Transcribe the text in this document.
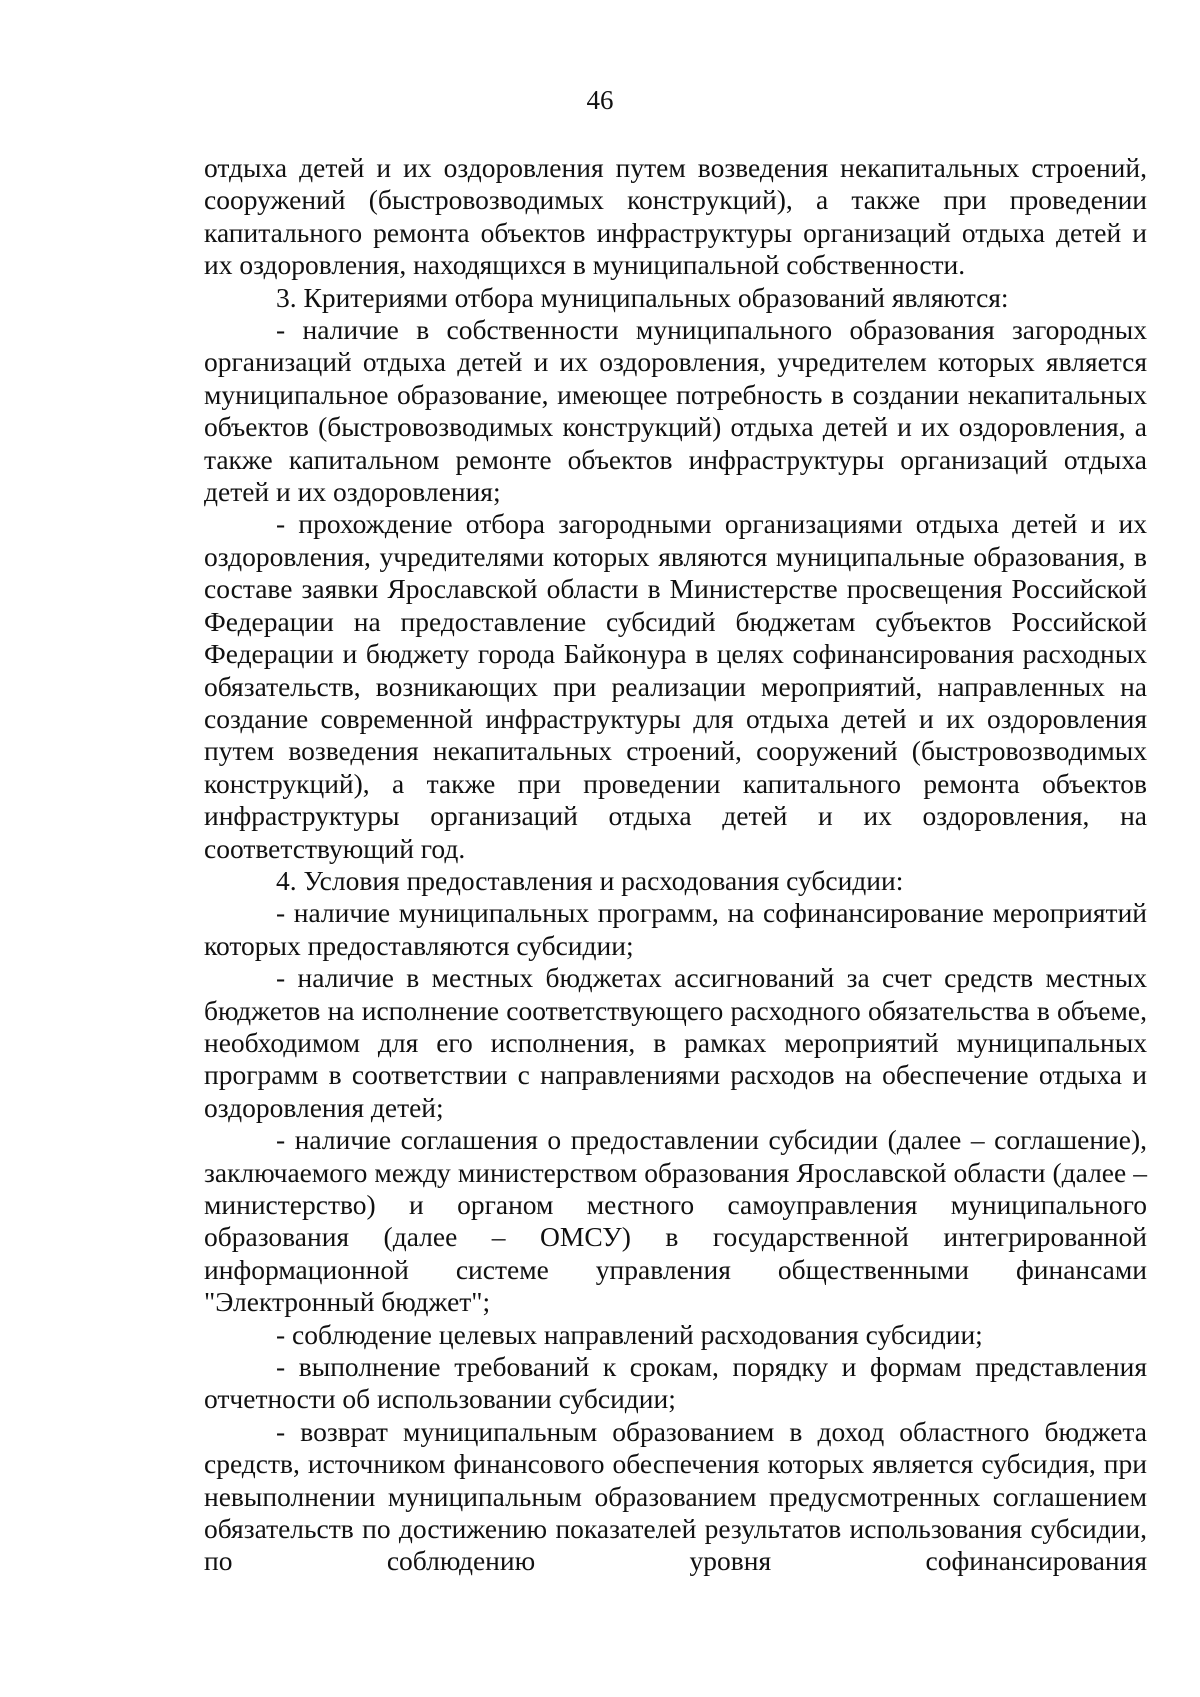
46

отдыха детей и их оздоровления путем возведения некапитальных строений, сооружений (быстровозводимых конструкций), а также при проведении капитального ремонта объектов инфраструктуры организаций отдыха детей и их оздоровления, находящихся в муниципальной собственности.

3. Критериями отбора муниципальных образований являются:

- наличие в собственности муниципального образования загородных организаций отдыха детей и их оздоровления, учредителем которых является муниципальное образование, имеющее потребность в создании некапитальных объектов (быстровозводимых конструкций) отдыха детей и их оздоровления, а также капитальном ремонте объектов инфраструктуры организаций отдыха детей и их оздоровления;

- прохождение отбора загородными организациями отдыха детей и их оздоровления, учредителями которых являются муниципальные образования, в составе заявки Ярославской области в Министерстве просвещения Российской Федерации на предоставление субсидий бюджетам субъектов Российской Федерации и бюджету города Байконура в целях софинансирования расходных обязательств, возникающих при реализации мероприятий, направленных на создание современной инфраструктуры для отдыха детей и их оздоровления путем возведения некапитальных строений, сооружений (быстровозводимых конструкций), а также при проведении капитального ремонта объектов инфраструктуры организаций отдыха детей и их оздоровления, на соответствующий год.

4. Условия предоставления и расходования субсидии:

- наличие муниципальных программ, на софинансирование мероприятий которых предоставляются субсидии;

- наличие в местных бюджетах ассигнований за счет средств местных бюджетов на исполнение соответствующего расходного обязательства в объеме, необходимом для его исполнения, в рамках мероприятий муниципальных программ в соответствии с направлениями расходов на обеспечение отдыха и оздоровления детей;

- наличие соглашения о предоставлении субсидии (далее – соглашение), заключаемого между министерством образования Ярославской области (далее – министерство) и органом местного самоуправления муниципального образования (далее – ОМСУ) в государственной интегрированной информационной системе управления общественными финансами "Электронный бюджет";

- соблюдение целевых направлений расходования субсидии;

- выполнение требований к срокам, порядку и формам представления отчетности об использовании субсидии;

- возврат муниципальным образованием в доход областного бюджета средств, источником финансового обеспечения которых является субсидия, при невыполнении муниципальным образованием предусмотренных соглашением обязательств по достижению показателей результатов использования субсидии, по соблюдению уровня софинансирования
